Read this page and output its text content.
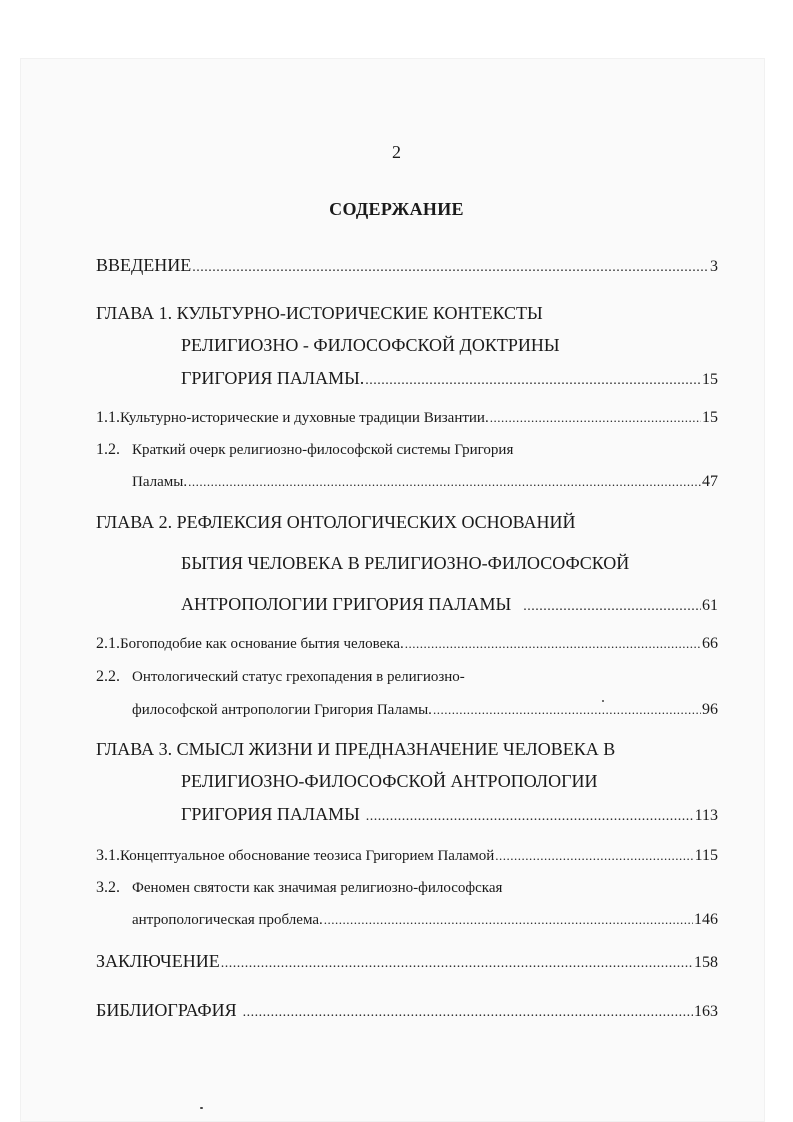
2
СОДЕРЖАНИЕ
ВВЕДЕНИЕ .....	3
ГЛАВА 1. КУЛЬТУРНО-ИСТОРИЧЕСКИЕ КОНТЕКСТЫ
РЕЛИГИОЗНО - ФИЛОСОФСКОЙ ДОКТРИНЫ
ГРИГОРИЯ ПАЛАМЫ. .....	15
1.1. Культурно-исторические и духовные традиции Византии. .....	15
1.2. Краткий очерк религиозно-философской системы Григория
Паламы. .....	47
ГЛАВА 2. РЕФЛЕКСИЯ ОНТОЛОГИЧЕСКИХ ОСНОВАНИЙ
БЫТИЯ ЧЕЛОВЕКА В РЕЛИГИОЗНО-ФИЛОСОФСКОЙ
АНТРОПОЛОГИИ ГРИГОРИЯ ПАЛАМЫ .....	61
2.1. Богоподобие как основание бытия человека. .....	66
2.2. Онтологический статус грехопадения в религиозно-
философской антропологии Григория Паламы. .....	96
ГЛАВА 3. СМЫСЛ ЖИЗНИ И ПРЕДНАЗНАЧЕНИЕ ЧЕЛОВЕКА В
РЕЛИГИОЗНО-ФИЛОСОФСКОЙ АНТРОПОЛОГИИ
ГРИГОРИЯ ПАЛАМЫ .....	113
3.1. Концептуальное обоснование теозиса Григорием Паламой .....	115
3.2. Феномен святости как значимая религиозно-философская
антропологическая проблема. .....	146
ЗАКЛЮЧЕНИЕ .....	158
БИБЛИОГРАФИЯ .....	163
